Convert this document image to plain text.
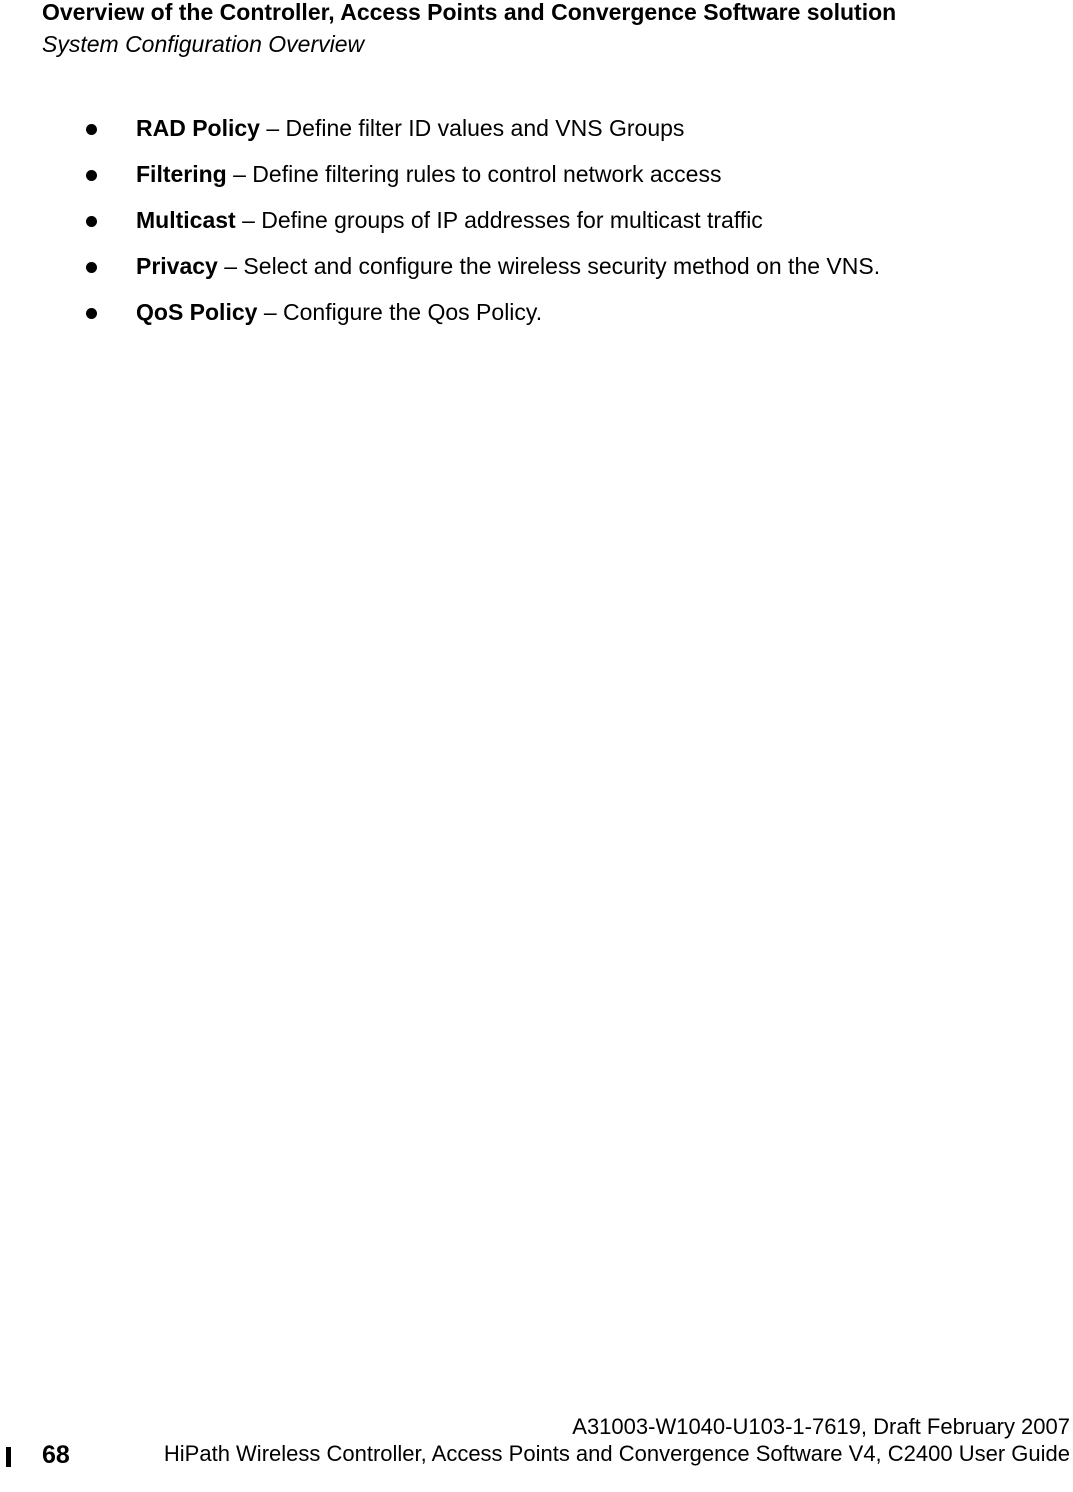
Overview of the Controller, Access Points and Convergence Software solution
System Configuration Overview
RAD Policy – Define filter ID values and VNS Groups
Filtering – Define filtering rules to control network access
Multicast – Define groups of IP addresses for multicast traffic
Privacy – Select and configure the wireless security method on the VNS.
QoS Policy – Configure the Qos Policy.
68
A31003-W1040-U103-1-7619, Draft February 2007
HiPath Wireless Controller, Access Points and Convergence Software V4, C2400 User Guide
